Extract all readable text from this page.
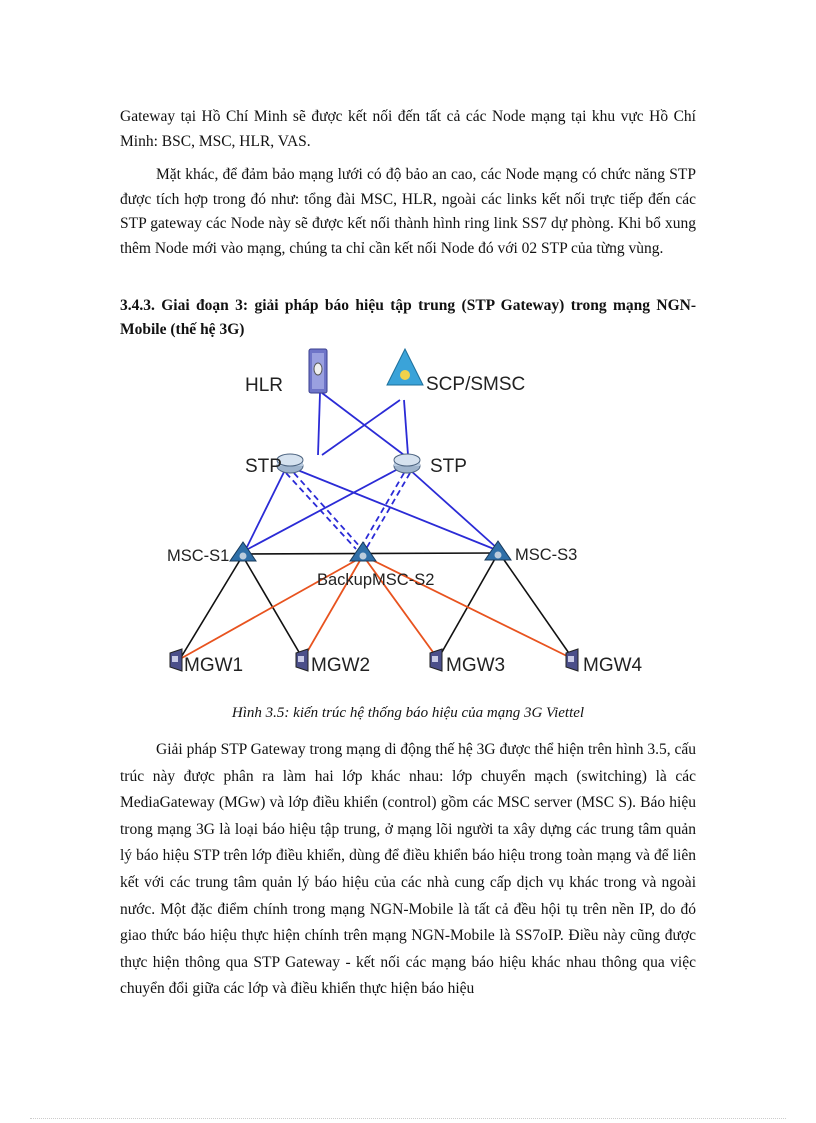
Gateway tại Hồ Chí Minh sẽ được kết nối đến tất cả các Node mạng tại khu vực Hồ Chí Minh: BSC, MSC, HLR, VAS.

Mặt khác, để đảm bảo mạng lưới có độ bảo an cao, các Node mạng có chức năng STP được tích hợp trong đó như: tổng đài MSC, HLR, ngoài các links kết nối trực tiếp đến các STP gateway các Node này sẽ được kết nối thành hình ring link SS7 dự phòng. Khi bổ xung thêm Node mới vào mạng, chúng ta chỉ cần kết nối Node đó với 02 STP của từng vùng.

3.4.3. Giai đoạn 3: giải pháp báo hiệu tập trung (STP Gateway) trong mạng NGN-Mobile (thế hệ 3G)

HLR	SCP/SMSC
STP	STP
MSC-S1
BackupMSC-S2
MSC-S3
MGW1	MGW2	MGW3	MGW4
Hình 3.5: kiến trúc hệ thống báo hiệu của mạng 3G Viettel

Giải pháp STP Gateway trong mạng di động thế hệ 3G được thể hiện trên hình 3.5, cấu trúc này được phân ra làm hai lớp khác nhau: lớp chuyển mạch (switching) là các MediaGateway (MGw) và lớp điều khiển (control) gồm các MSC server (MSC S). Báo hiệu trong mạng 3G là loại báo hiệu tập trung, ở mạng lõi người ta xây dựng các trung tâm quản lý báo hiệu STP trên lớp điều khiển, dùng để điều khiển báo hiệu trong toàn mạng và để liên kết với các trung tâm quản lý báo hiệu của các nhà cung cấp dịch vụ khác trong và ngoài nước. Một đặc điểm chính trong mạng NGN-Mobile là tất cả đều hội tụ trên nền IP, do đó giao thức báo hiệu thực hiện chính trên mạng NGN-Mobile là SS7oIP. Điều này cũng được thực hiện thông qua STP Gateway - kết nối các mạng báo hiệu khác nhau thông qua việc chuyển đổi giữa các lớp và điều khiển thực hiện báo hiệu
